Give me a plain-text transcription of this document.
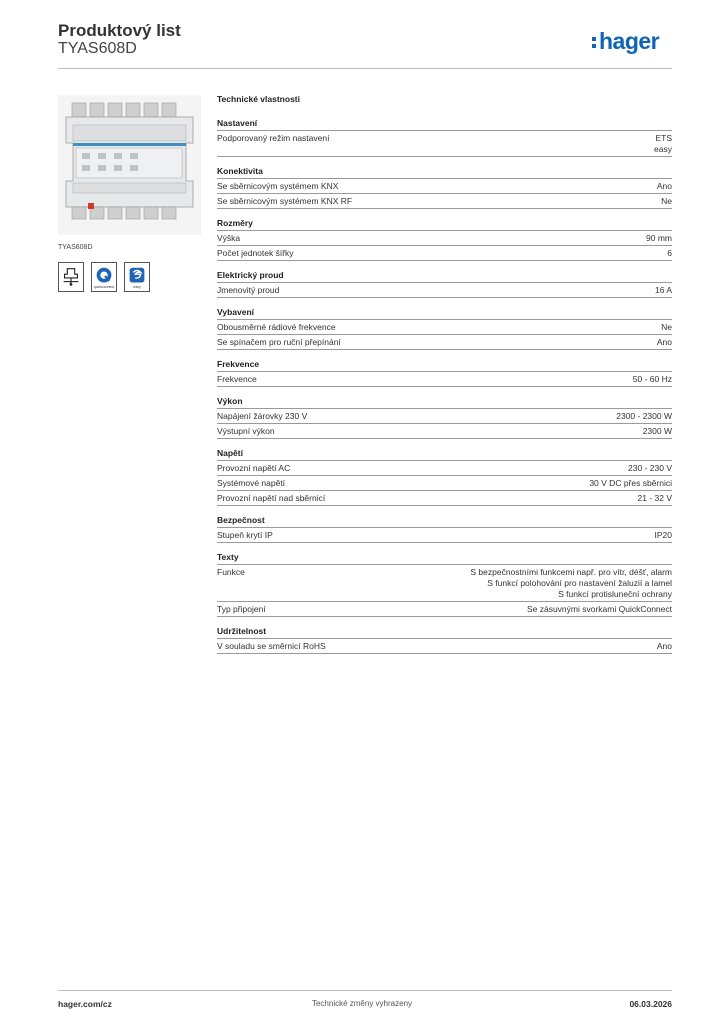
Produktový list
TYAS608D	hager
TYAS608D
quickconnect	easy
Technické vlastnosti
Nastavení
Podporovaný režim nastavení	ETS
easy
Konektivita
Se sběrnicovým systémem KNX	Ano
Se sběrnicovým systémem KNX RF	Ne
Rozměry
Výška	90 mm
Počet jednotek šířky	6
Elektrický proud
Jmenovitý proud	16 A
Vybavení
Obousměrné rádiové frekvence	Ne
Se spínačem pro ruční přepínání	Ano
Frekvence
Frekvence	50 - 60 Hz
Výkon
Napájení žárovky 230 V	2300 - 2300 W
Výstupní výkon	2300 W
Napětí
Provozní napětí AC	230 - 230 V
Systémové napětí	30 V DC přes sběrnici
Provozní napětí nad sběrnicí	21 - 32 V
Bezpečnost
Stupeň krytí IP	IP20
Texty
Funkce	S bezpečnostními funkcemi např. pro vítr, déšť, alarm
S funkcí polohování pro nastavení žaluzií a lamel
S funkcí protisluneční ochrany
Typ připojení	Se zásuvnými svorkami QuickConnect
Udržitelnost
V souladu se směrnicí RoHS	Ano
hager.com/cz	Technické změny vyhrazeny	06.03.2026
